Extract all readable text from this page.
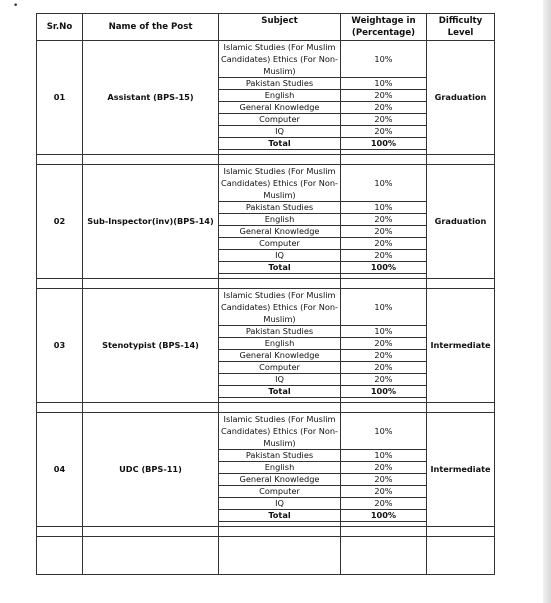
•
Sr.No	Name of the Post	Subject	Weightage in (Percentage)	Difficulty Level
01	Assistant (BPS-15)	Islamic Studies (For Muslim Candidates) Ethics (For Non-Muslim)	10%	Graduation
		Pakistan Studies	10%	
		English	20%	
		General Knowledge	20%	
		Computer	20%	
		IQ	20%	
		Total	100%	

02	Sub-Inspector(inv)(BPS-14)	Islamic Studies (For Muslim Candidates) Ethics (For Non-Muslim)	10%	Graduation
		Pakistan Studies	10%	
		English	20%	
		General Knowledge	20%	
		Computer	20%	
		IQ	20%	
		Total	100%	

03	Stenotypist (BPS-14)	Islamic Studies (For Muslim Candidates) Ethics (For Non-Muslim)	10%	Intermediate
		Pakistan Studies	10%	
		English	20%	
		General Knowledge	20%	
		Computer	20%	
		IQ	20%	
		Total	100%	

04	UDC (BPS-11)	Islamic Studies (For Muslim Candidates) Ethics (For Non-Muslim)	10%	Intermediate
		Pakistan Studies	10%	
		English	20%	
		General Knowledge	20%	
		Computer	20%	
		IQ	20%	
		Total	100%	
